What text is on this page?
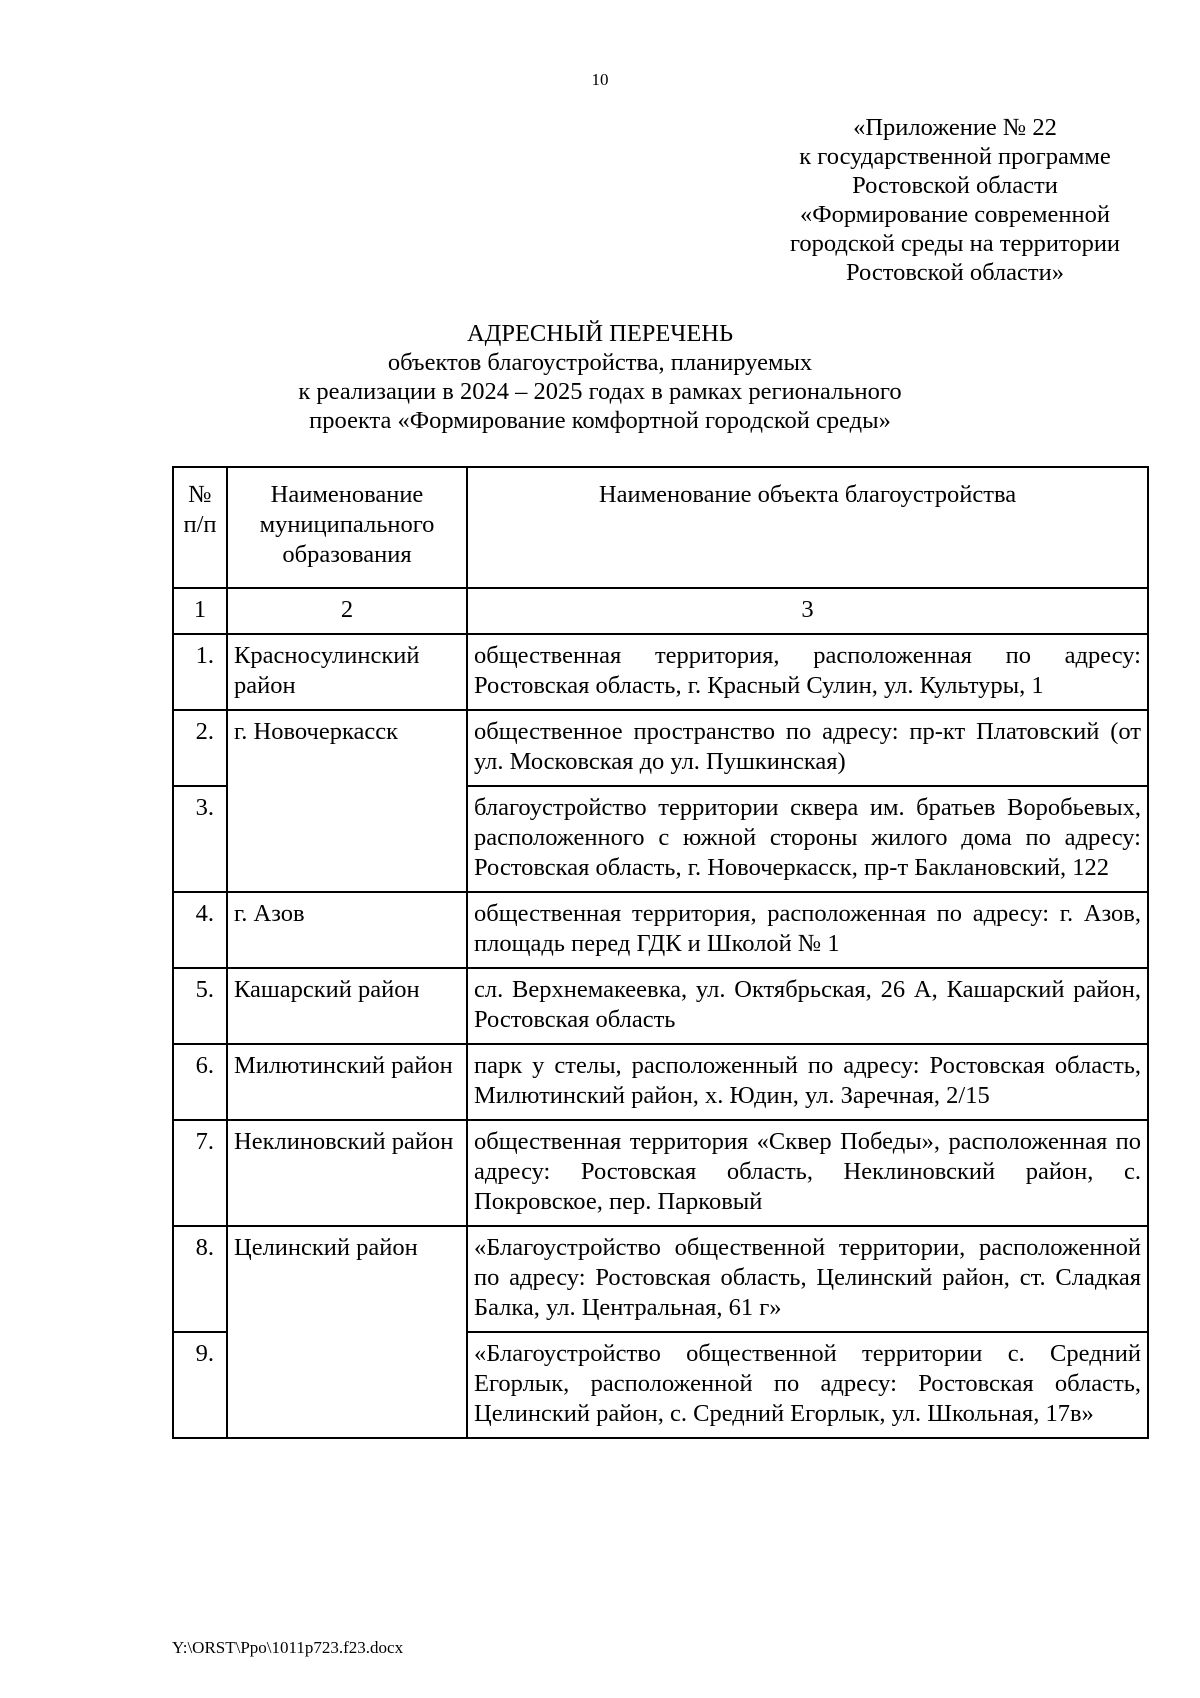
10
«Приложение № 22
к государственной программе
Ростовской области
«Формирование современной
городской среды на территории
Ростовской области»
АДРЕСНЫЙ ПЕРЕЧЕНЬ
объектов благоустройства, планируемых
к реализации в 2024 – 2025 годах в рамках регионального
проекта «Формирование комфортной городской среды»
№ п/п	Наименование муниципального образования	Наименование объекта благоустройства
1	2	3
1.	Красносулинский район	общественная территория, расположенная по адресу: Ростовская область, г. Красный Сулин, ул. Культуры, 1
2.	г. Новочеркасск	общественное пространство по адресу: пр-кт Платовский (от ул. Московская до ул. Пушкинская)
3.		благоустройство территории сквера им. братьев Воробьевых, расположенного с южной стороны жилого дома по адресу: Ростовская область, г. Новочеркасск, пр-т Баклановский, 122
4.	г. Азов	общественная территория, расположенная по адресу: г. Азов, площадь перед ГДК и Школой № 1
5.	Кашарский район	сл. Верхнемакеевка, ул. Октябрьская, 26 А, Кашарский район, Ростовская область
6.	Милютинский район	парк у стелы, расположенный по адресу: Ростовская область, Милютинский район, х. Юдин, ул. Заречная, 2/15
7.	Неклиновский район	общественная территория «Сквер Победы», расположенная по адресу: Ростовская область, Неклиновский район, с. Покровское, пер. Парковый
8.	Целинский район	«Благоустройство общественной территории, расположенной по адресу: Ростовская область, Целинский район, ст. Сладкая Балка, ул. Центральная, 61 г»
9.		«Благоустройство общественной территории с. Средний Егорлык, расположенной по адресу: Ростовская область, Целинский район, с. Средний Егорлык, ул. Школьная, 17в»
Y:\ORST\Ppo\1011p723.f23.docx
